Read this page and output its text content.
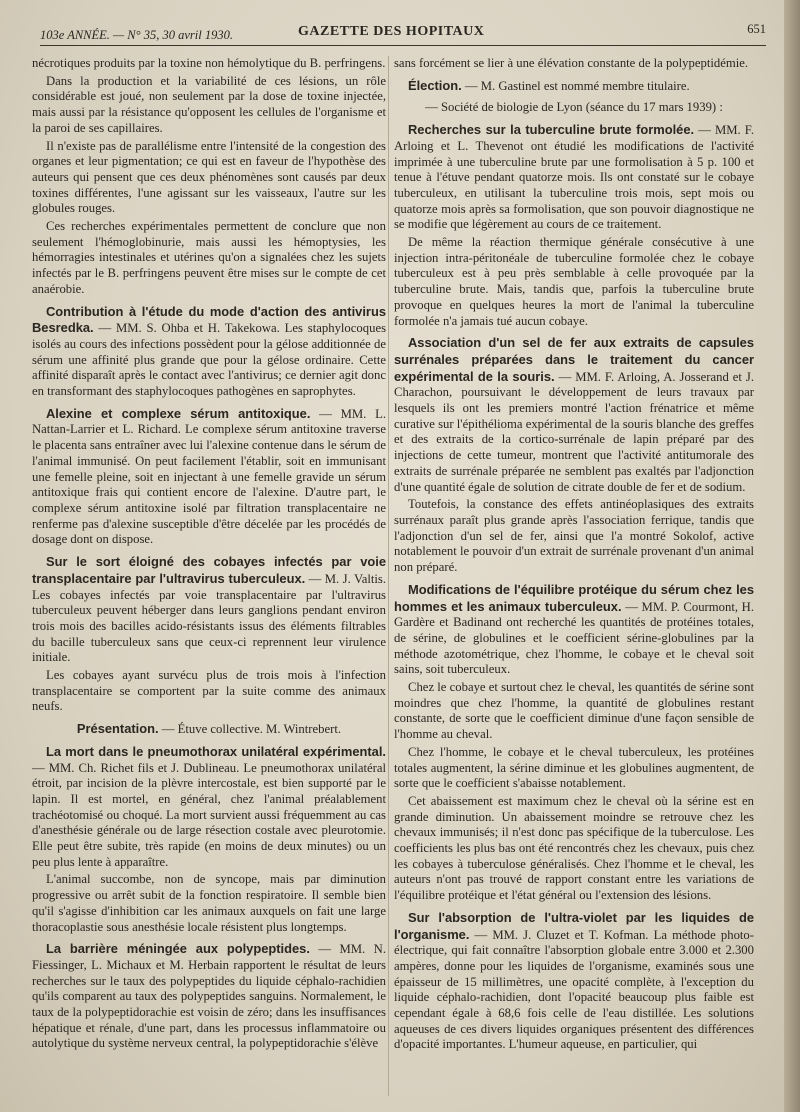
103e ANNÉE. — N° 35, 30 avril 1930.	GAZETTE DES HOPITAUX	651

nécrotiques produits par la toxine non hémolytique du B. perfringens.

Dans la production et la variabilité de ces lésions, un rôle considérable est joué, non seulement par la dose de toxine injectée, mais aussi par la résistance qu'opposent les cellules de l'organisme et la paroi de ses capillaires.

Il n'existe pas de parallélisme entre l'intensité de la congestion des organes et leur pigmentation; ce qui est en faveur de l'hypothèse des auteurs qui pensent que ces deux phénomènes sont causés par deux toxines différentes, l'une agissant sur les vaisseaux, l'autre sur les globules rouges.

Ces recherches expérimentales permettent de conclure que non seulement l'hémoglobinurie, mais aussi les hémoptysies, les hémorragies intestinales et utérines qu'on a signalées chez les sujets infectés par le B. perfringens peuvent être mises sur le compte de cet anaérobie.

Contribution à l'étude du mode d'action des antivirus Besredka. — MM. S. Ohba et H. Takekowa. Les staphylocoques isolés au cours des infections possèdent pour la gélose additionnée de sérum une affinité plus grande que pour la gélose ordinaire. Cette affinité disparaît après le contact avec l'antivirus; ce dernier agit donc en transformant des staphylocoques pathogènes en saprophytes.

Alexine et complexe sérum antitoxique. — MM. L. Nattan-Larrier et L. Richard. Le complexe sérum antitoxine traverse le placenta sans entraîner avec lui l'alexine contenue dans le sérum de l'animal immunisé. On peut facilement l'établir, soit en immunisant une femelle pleine, soit en injectant à une femelle gravide un sérum antitoxique frais qui contient encore de l'alexine. D'autre part, le complexe sérum antitoxine isolé par filtration transplacentaire ne renferme pas d'alexine susceptible d'être décelée par les procédés de dosage dont on dispose.

Sur le sort éloigné des cobayes infectés par voie transplacentaire par l'ultravirus tuberculeux. — M. J. Valtis. Les cobayes infectés par voie transplacentaire par l'ultravirus tuberculeux peuvent héberger dans leurs ganglions pendant environ trois mois des bacilles acido-résistants issus des éléments filtrables du bacille tuberculeux sans que ceux-ci reprennent leur virulence initiale.

Les cobayes ayant survécu plus de trois mois à l'infection transplacentaire se comportent par la suite comme des animaux neufs.

Présentation. — Étuve collective. M. Wintrebert.

La mort dans le pneumothorax unilatéral expérimental. — MM. Ch. Richet fils et J. Dublineau. Le pneumothorax unilatéral étroit, par incision de la plèvre intercostale, est bien supporté par le lapin. Il est mortel, en général, chez l'animal préalablement trachéotomisé ou choqué. La mort survient aussi fréquemment au cas d'anesthésie générale ou de large résection costale avec pleurotomie. Elle peut être subite, très rapide (en moins de deux minutes) ou un peu plus lente à apparaître.

L'animal succombe, non de syncope, mais par diminution progressive ou arrêt subit de la fonction respiratoire. Il semble bien qu'il s'agisse d'inhibition car les animaux auxquels on fait une large thoracoplastie sous anesthésie locale résistent plus longtemps.

La barrière méningée aux polypeptides. — MM. N. Fiessinger, L. Michaux et M. Herbain rapportent le résultat de leurs recherches sur le taux des polypeptides du liquide céphalo-rachidien qu'ils comparent au taux des polypeptides sanguins. Normalement, le taux de la polypeptidorachie est voisin de zéro; dans les insuffisances hépatique et rénale, d'une part, dans les processus inflammatoire ou autolytique du système nerveux central, la polypeptidorachie s'élève

sans forcément se lier à une élévation constante de la polypeptidémie.

Élection. — M. Gastinel est nommé membre titulaire.

— Société de biologie de Lyon (séance du 17 mars 1939) :

Recherches sur la tuberculine brute formolée. — MM. F. Arloing et L. Thevenot ont étudié les modifications de l'activité imprimée à une tuberculine brute par une formolisation à 5 p. 100 et tenue à l'étuve pendant quatorze mois. Ils ont constaté sur le cobaye tuberculeux, en utilisant la tuberculine trois mois, sept mois ou quatorze mois après sa formolisation, que son pouvoir diagnostique ne se modifie que légèrement au cours de ce traitement.

De même la réaction thermique générale consécutive à une injection intra-péritonéale de tuberculine formolée chez le cobaye tuberculeux est à peu près semblable à celle provoquée par la tuberculine brute. Mais, tandis que, parfois la tuberculine brute provoque en quelques heures la mort de l'animal la tuberculine formolée n'a jamais tué aucun cobaye.

Association d'un sel de fer aux extraits de capsules surrénales préparées dans le traitement du cancer expérimental de la souris. — MM. F. Arloing, A. Josserand et J. Charachon, poursuivant le développement de leurs travaux par lesquels ils ont les premiers montré l'action frénatrice et même curative sur l'épithélioma expérimental de la souris blanche des greffes et des extraits de la cortico-surrénale de lapin préparé par des injections de cette tumeur, montrent que l'activité antitumorale des extraits de surrénale préparée ne semblent pas exaltés par l'adjonction d'une quantité égale de solution de citrate double de fer et de sodium.

Toutefois, la constance des effets antinéoplasiques des extraits surrénaux paraît plus grande après l'association ferrique, tandis que l'adjonction d'un sel de fer, ainsi que l'a montré Sokolof, active notablement le pouvoir d'un extrait de surrénale provenant d'un animal non préparé.

Modifications de l'équilibre protéique du sérum chez les hommes et les animaux tuberculeux. — MM. P. Courmont, H. Gardère et Badinand ont recherché les quantités de protéines totales, de sérine, de globulines et le coefficient sérine-globulines par la méthode azotométrique, chez l'homme, le cobaye et le cheval soit sains, soit tuberculeux.

Chez le cobaye et surtout chez le cheval, les quantités de sérine sont moindres que chez l'homme, la quantité de globulines restant constante, de sorte que le coefficient diminue d'une façon sensible de l'homme au cheval.

Chez l'homme, le cobaye et le cheval tuberculeux, les protéines totales augmentent, la sérine diminue et les globulines augmentent, de sorte que le coefficient s'abaisse notablement.

Cet abaissement est maximum chez le cheval où la sérine est en grande diminution. Un abaissement moindre se retrouve chez les chevaux immunisés; il n'est donc pas spécifique de la tuberculose. Les coefficients les plus bas ont été rencontrés chez les chevaux, puis chez les cobayes à tuberculose généralisés. Chez l'homme et le cheval, les auteurs n'ont pas trouvé de rapport constant entre les variations de l'équilibre protéique et l'état général ou l'extension des lésions.

Sur l'absorption de l'ultra-violet par les liquides de l'organisme. — MM. J. Cluzet et T. Kofman. La méthode photo-électrique, qui fait connaître l'absorption globale entre 3.000 et 2.300 ampères, donne pour les liquides de l'organisme, examinés sous une épaisseur de 15 millimètres, une opacité complète, à l'exception du liquide céphalo-rachidien, dont l'opacité beaucoup plus faible est cependant égale à 68,6 fois celle de l'eau distillée. Les solutions aqueuses de ces divers liquides organiques présentent des différences d'opacité importantes. L'humeur aqueuse, en particulier, qui
